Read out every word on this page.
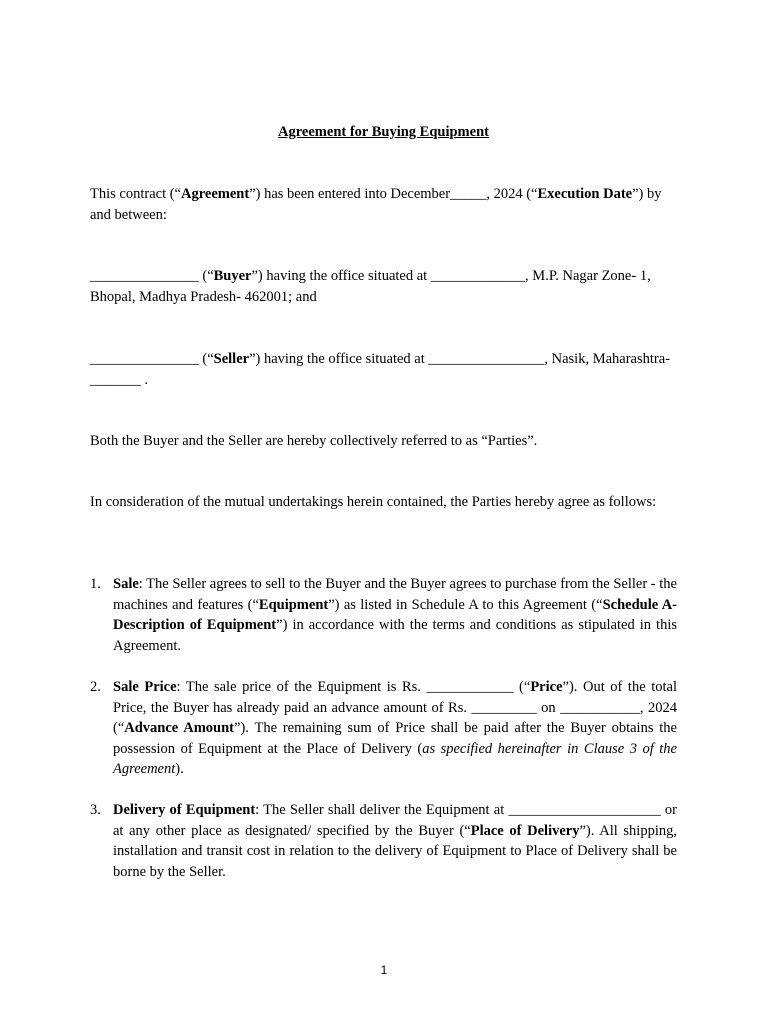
Agreement for Buying Equipment

This contract (“Agreement”) has been entered into December_____, 2024 (“Execution Date”) by and between:

_______________ (“Buyer”) having the office situated at _____________, M.P. Nagar Zone- 1, Bhopal, Madhya Pradesh- 462001; and

_______________ (“Seller”) having the office situated at ________________, Nasik, Maharashtra- _______ .

Both the Buyer and the Seller are hereby collectively referred to as “Parties”.

In consideration of the mutual undertakings herein contained, the Parties hereby agree as follows:

1. Sale: The Seller agrees to sell to the Buyer and the Buyer agrees to purchase from the Seller - the machines and features (“Equipment”) as listed in Schedule A to this Agreement (“Schedule A- Description of Equipment”) in accordance with the terms and conditions as stipulated in this Agreement.
2. Sale Price: The sale price of the Equipment is Rs. ____________ (“Price”). Out of the total Price, the Buyer has already paid an advance amount of Rs. _________ on ___________, 2024 (“Advance Amount”). The remaining sum of Price shall be paid after the Buyer obtains the possession of Equipment at the Place of Delivery (as specified hereinafter in Clause 3 of the Agreement).
3. Delivery of Equipment: The Seller shall deliver the Equipment at _____________________ or at any other place as designated/ specified by the Buyer (“Place of Delivery”). All shipping, installation and transit cost in relation to the delivery of Equipment to Place of Delivery shall be borne by the Seller.
1
